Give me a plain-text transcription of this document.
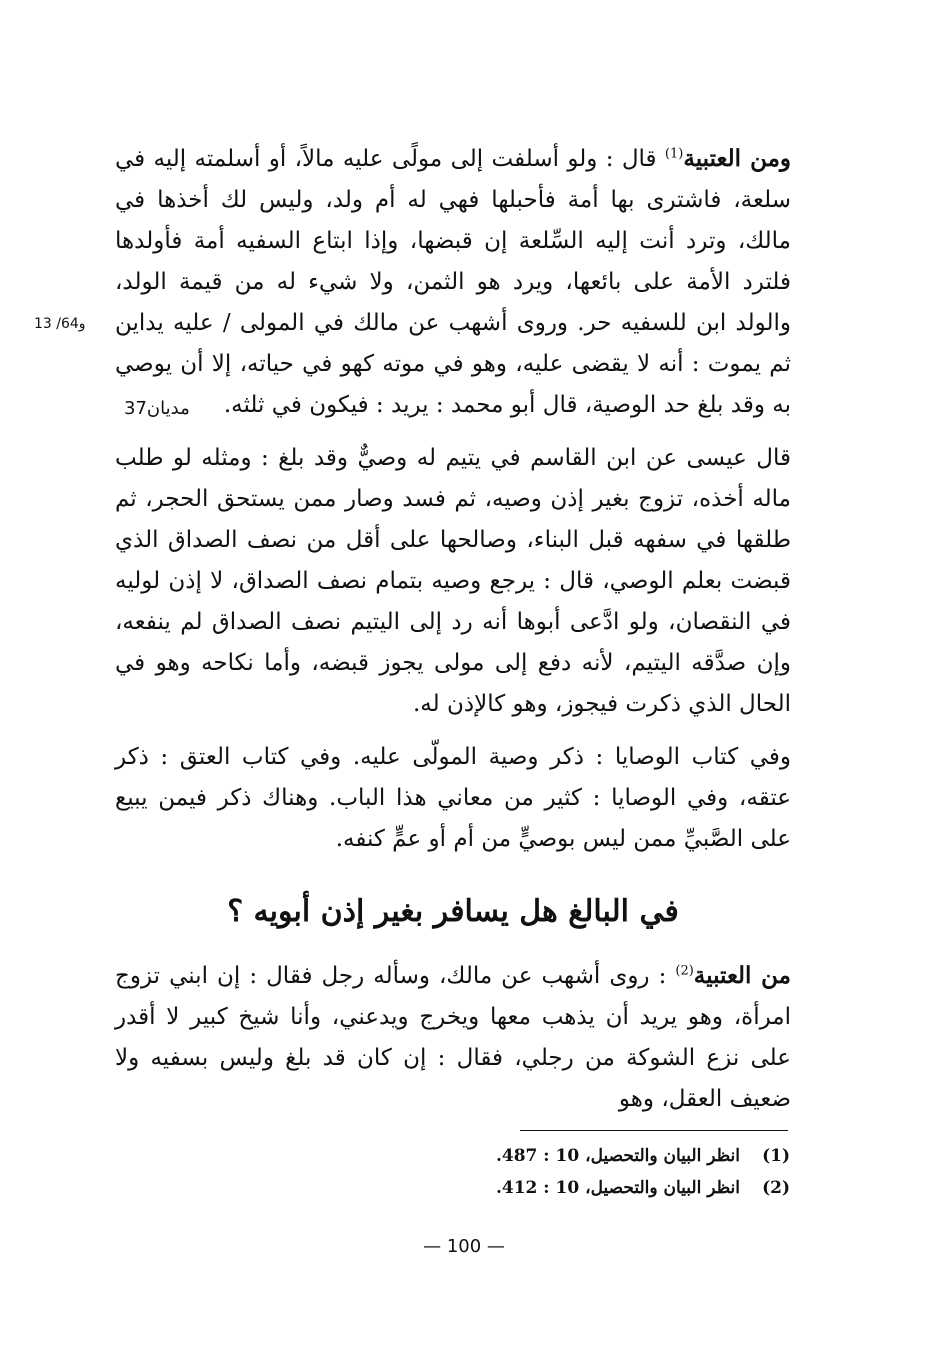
ومن العتبية$^{(1)}$ قال : ولو أسلفت إلى مولًى عليه مالاً، أو أسلمته إليه في سلعة، فاشترى بها أمة فأحبلها فهي له أم ولد، وليس لك أخذها في مالك، وترد أنت إليه السِّلعة إن قبضها، وإذا ابتاع السفيه أمة فأولدها فلترد الأمة على بائعها، ويرد هو الثمن، ولا شيء له من قيمة الولد، والولد ابن للسفيه حر. وروى أشهب عن مالك في المولى / عليه يداين ثم يموت : أنه لا يقضى عليه، وهو في موته كهو في حياته، إلا أن يوصي به وقد بلغ حد الوصية، قال أبو محمد : يريد : فيكون في ثلثه.
قال عيسى عن ابن القاسم في يتيم له وصيٌّ وقد بلغ : ومثله لو طلب ماله أخذه، تزوج بغير إذن وصيه، ثم فسد وصار ممن يستحق الحجر، ثم طلقها في سفهه قبل البناء، وصالحها على أقل من نصف الصداق الذي قبضت بعلم الوصي، قال : يرجع وصيه بتمام نصف الصداق، لا إذن لوليه في النقصان، ولو ادَّعى أبوها أنه رد إلى اليتيم نصف الصداق لم ينفعه، وإن صدَّقه اليتيم، لأنه دفع إلى مولى يجوز قبضه، وأما نكاحه وهو في الحال الذي ذكرت فيجوز، وهو كالإذن له.
وفي كتاب الوصايا : ذكر وصية المولّى عليه. وفي كتاب العتق : ذكر عتقه، وفي الوصايا : كثير من معاني هذا الباب. وهناك ذكر فيمن يبيع على الصَّبيِّ ممن ليس بوصيٍّ من أم أو عمٍّ كنفه.
في البالغ هل يسافر بغير إذن أبويه ؟
من العتبية$^{(2)}$ : روى أشهب عن مالك، وسأله رجل فقال : إن ابني تزوج امرأة، وهو يريد أن يذهب معها ويخرج ويدعني، وأنا شيخ كبير لا أقدر على نزع الشوكة من رجلي، فقال : إن كان قد بلغ وليس بسفيه ولا ضعيف العقل، وهو
13 /64و
مديان37
(1)
انظر البيان والتحصيل، 10 : 487.
(2)
انظر البيان والتحصيل، 10 : 412.
— 100 —
